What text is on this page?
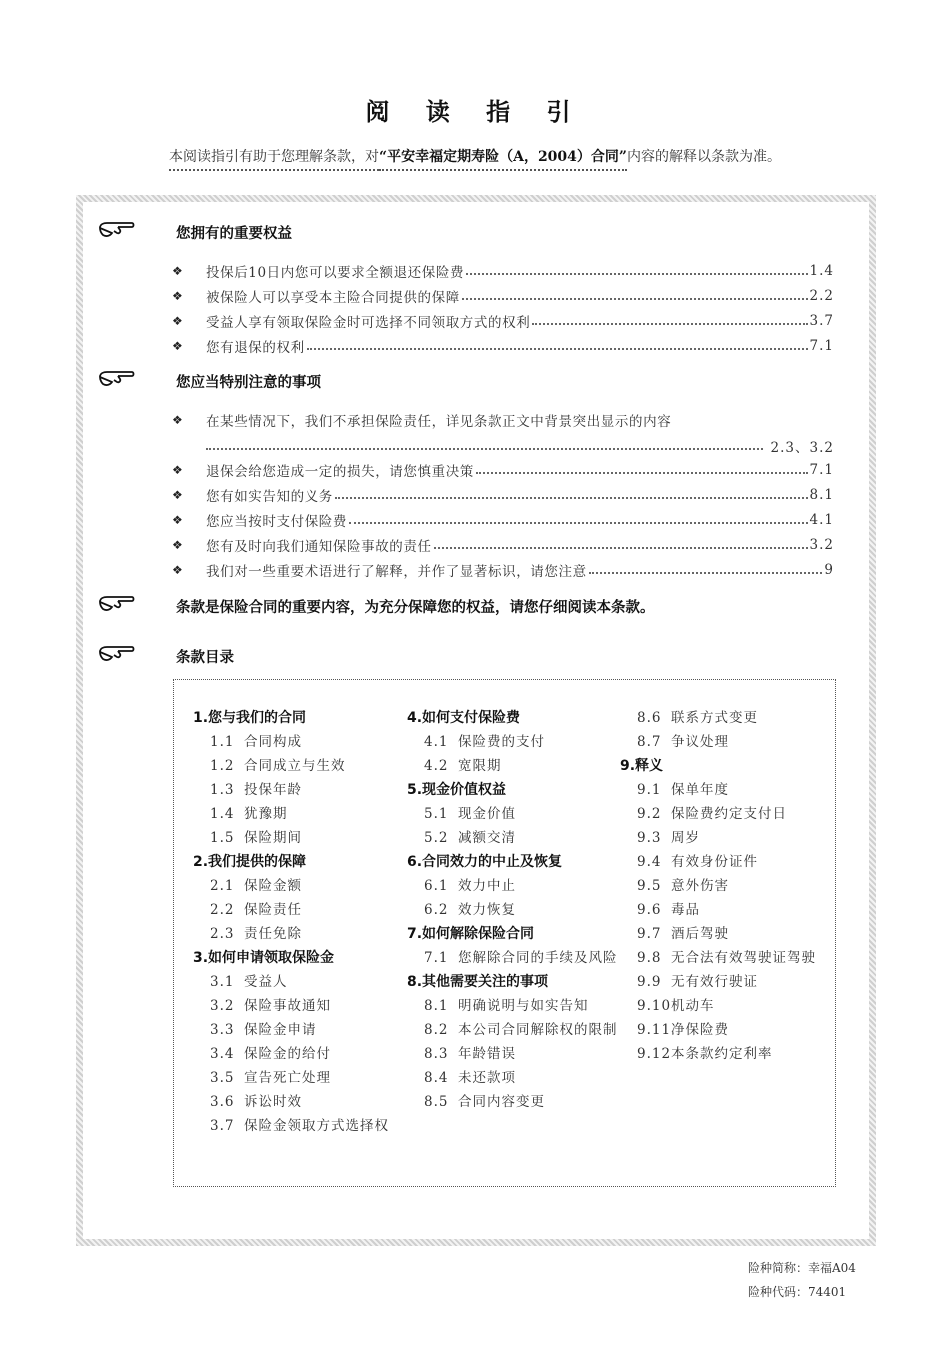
阅 读 指 引
本阅读指引有助于您理解条款，对“平安幸福定期寿险（A，2004）合同”内容的解释以条款为准。
您拥有的重要权益
❖	投保后10日内您可以要求全额退还保险费	1.4
❖	被保险人可以享受本主险合同提供的保障	2.2
❖	受益人享有领取保险金时可选择不同领取方式的权利	3.7
❖	您有退保的权利	7.1
您应当特别注意的事项
❖	在某些情况下，我们不承担保险责任，详见条款正文中背景突出显示的内容
2.3、3.2
❖	退保会给您造成一定的损失，请您慎重决策	7.1
❖	您有如实告知的义务	8.1
❖	您应当按时支付保险费	4.1
❖	您有及时向我们通知保险事故的责任	3.2
❖	我们对一些重要术语进行了解释，并作了显著标识，请您注意	9
条款是保险合同的重要内容，为充分保障您的权益，请您仔细阅读本条款。
条款目录
1.您与我们的合同
1.1 合同构成
1.2 合同成立与生效
1.3 投保年龄
1.4 犹豫期
1.5 保险期间
2.我们提供的保障
2.1 保险金额
2.2 保险责任
2.3 责任免除
3.如何申请领取保险金
3.1 受益人
3.2 保险事故通知
3.3 保险金申请
3.4 保险金的给付
3.5 宣告死亡处理
3.6 诉讼时效
3.7 保险金领取方式选择权
4.如何支付保险费
4.1 保险费的支付
4.2 宽限期
5.现金价值权益
5.1 现金价值
5.2 减额交清
6.合同效力的中止及恢复
6.1 效力中止
6.2 效力恢复
7.如何解除保险合同
7.1 您解除合同的手续及风险
8.其他需要关注的事项
8.1 明确说明与如实告知
8.2 本公司合同解除权的限制
8.3 年龄错误
8.4 未还款项
8.5 合同内容变更
8.6 联系方式变更
8.7 争议处理
9.释义
9.1 保单年度
9.2 保险费约定支付日
9.3 周岁
9.4 有效身份证件
9.5 意外伤害
9.6 毒品
9.7 酒后驾驶
9.8 无合法有效驾驶证驾驶
9.9 无有效行驶证
9.10 机动车
9.11 净保险费
9.12 本条款约定利率
险种简称：幸福A04
险种代码：74401
